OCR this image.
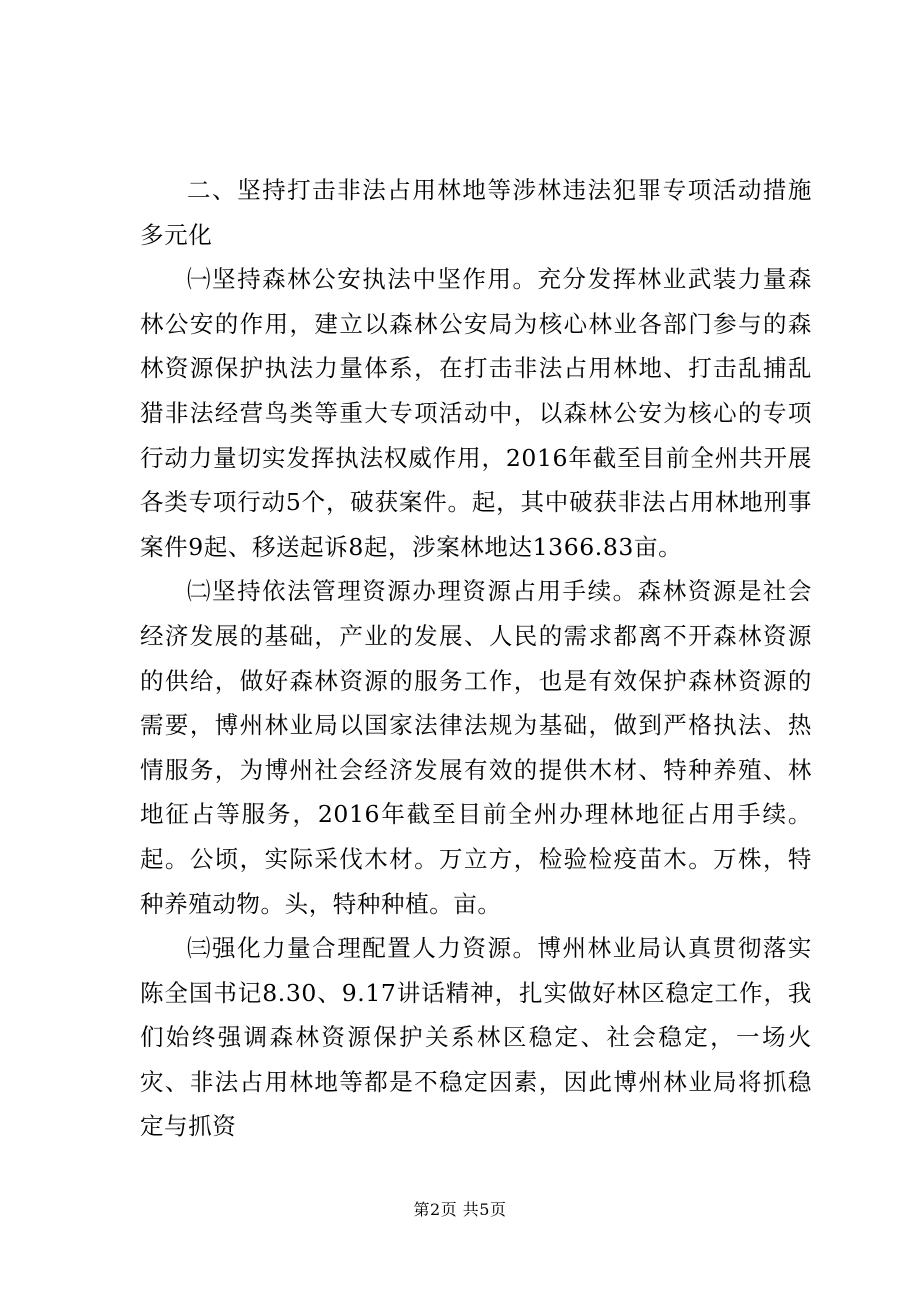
二、坚持打击非法占用林地等涉林违法犯罪专项活动措施多元化

㈠坚持森林公安执法中坚作用。充分发挥林业武装力量森林公安的作用，建立以森林公安局为核心林业各部门参与的森林资源保护执法力量体系，在打击非法占用林地、打击乱捕乱猎非法经营鸟类等重大专项活动中，以森林公安为核心的专项行动力量切实发挥执法权威作用，2016年截至目前全州共开展各类专项行动5个，破获案件。起，其中破获非法占用林地刑事案件9起、移送起诉8起，涉案林地达1366.83亩。

㈡坚持依法管理资源办理资源占用手续。森林资源是社会经济发展的基础，产业的发展、人民的需求都离不开森林资源的供给，做好森林资源的服务工作，也是有效保护森林资源的需要，博州林业局以国家法律法规为基础，做到严格执法、热情服务，为博州社会经济发展有效的提供木材、特种养殖、林地征占等服务，2016年截至目前全州办理林地征占用手续。起。公顷，实际采伐木材。万立方，检验检疫苗木。万株，特种养殖动物。头，特种种植。亩。

㈢强化力量合理配置人力资源。博州林业局认真贯彻落实陈全国书记8.30、9.17讲话精神，扎实做好林区稳定工作，我们始终强调森林资源保护关系林区稳定、社会稳定，一场火灾、非法占用林地等都是不稳定因素，因此博州林业局将抓稳定与抓资

第2页 共5页
